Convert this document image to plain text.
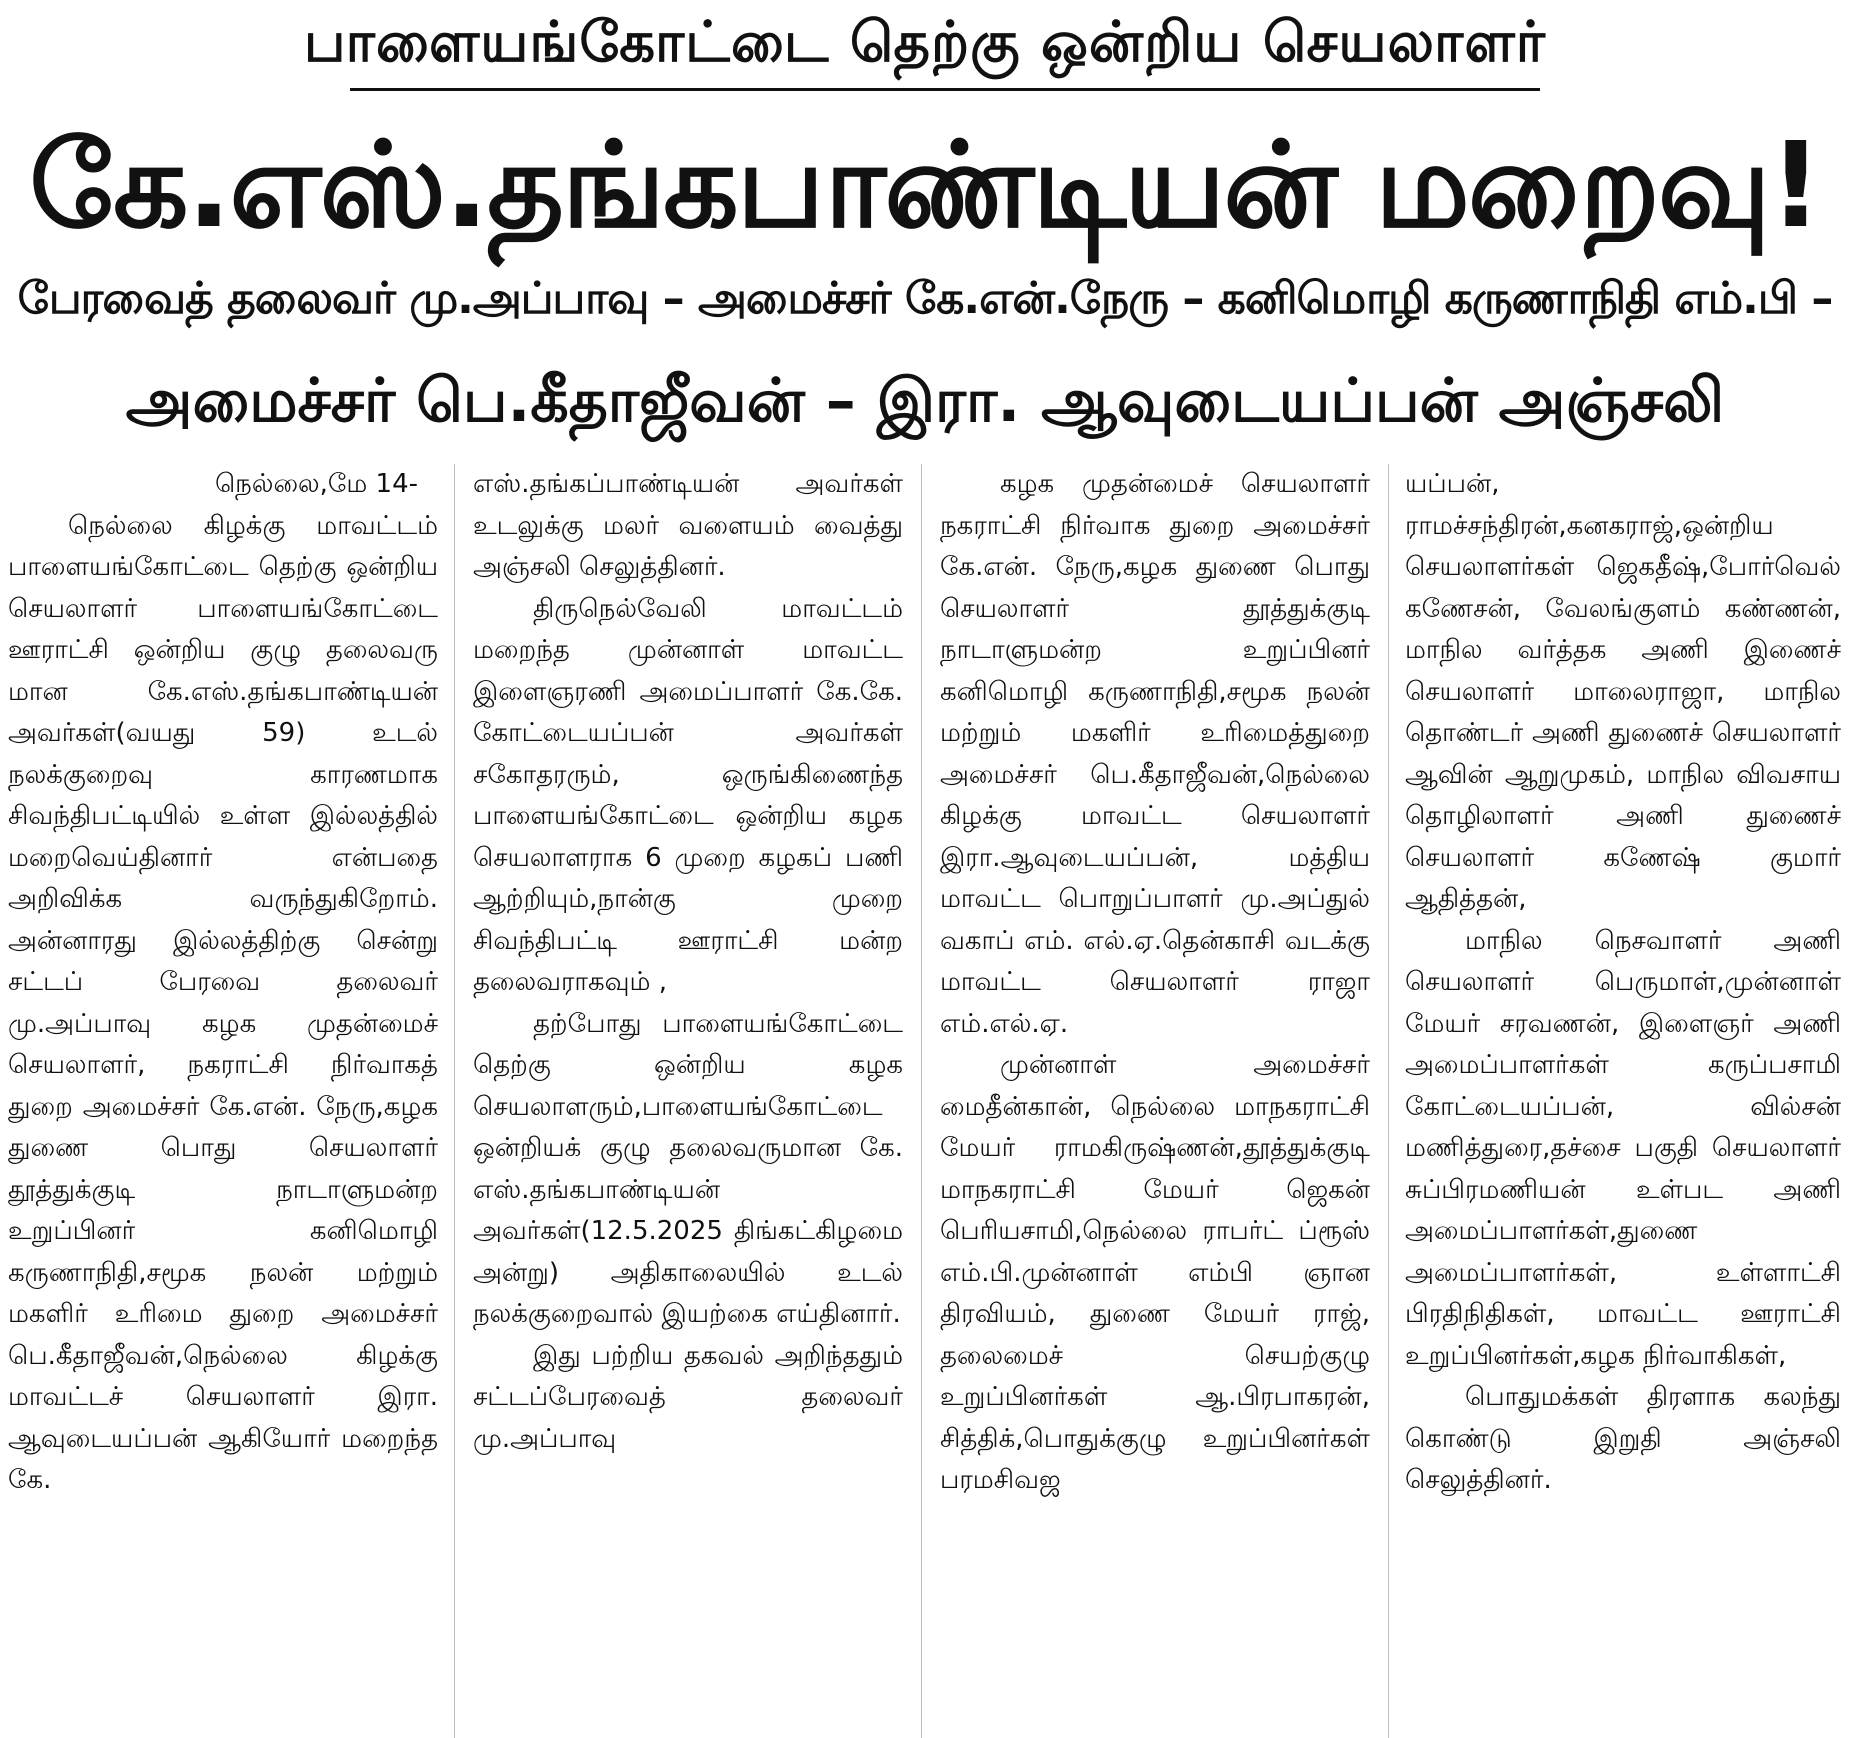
பாளையங்கோட்டை தெற்கு ஒன்றிய செயலாளர்
கே.எஸ்.தங்கபாண்டியன் மறைவு!
பேரவைத் தலைவர் மு.அப்பாவு – அமைச்சர் கே.என்.நேரு – கனிமொழி கருணாநிதி எம்.பி –
அமைச்சர் பெ.கீதாஜீவன் – இரா. ஆவுடையப்பன் அஞ்சலி

நெல்லை,மே 14-

நெல்லை கிழக்கு மாவட்டம் பாளையங்கோட்டை தெற்கு ஒன்றிய செயலாளர் பாளையங்கோட்டை ஊராட்சி ஒன்றிய குழு தலைவரு மான கே.எஸ்.தங்கபாண்டியன் அவர்கள்(வயது 59) உடல் நலக்குறைவு காரணமாக சிவந்திபட்டியில் உள்ள இல்லத்தில் மறைவெய்தினார் என்பதை அறிவிக்க வருந்துகிறோம். அன்னாரது இல்லத்திற்கு சென்று சட்டப் பேரவை தலைவர் மு.அப்பாவு கழக முதன்மைச் செயலாளர், நகராட்சி நிர்வாகத் துறை அமைச்சர் கே.என். நேரு,கழக துணை பொது செயலாளர் தூத்துக்குடி நாடாளுமன்ற உறுப்பினர் கனிமொழி கருணாநிதி,சமூக நலன் மற்றும் மகளிர் உரிமை துறை அமைச்சர் பெ.கீதாஜீவன்,நெல்லை கிழக்கு மாவட்டச் செயலாளர் இரா. ஆவுடையப்பன் ஆகியோர் மறைந்த கே.

எஸ்.தங்கப்பாண்டியன் அவர்கள் உடலுக்கு மலர் வளையம் வைத்து அஞ்சலி செலுத்தினர்.

திருநெல்வேலி மாவட்டம் மறைந்த முன்னாள் மாவட்ட இளைஞரணி அமைப்பாளர் கே.கே. கோட்டையப்பன் அவர்கள் சகோதரரும், ஒருங்கிணைந்த பாளையங்கோட்டை ஒன்றிய கழக செயலாளராக 6 முறை கழகப் பணி ஆற்றியும்,நான்கு முறை சிவந்திபட்டி ஊராட்சி மன்ற தலைவராகவும் ,

தற்போது பாளையங்கோட்டை தெற்கு ஒன்றிய கழக செயலாளரும்,பாளையங்கோட்டை ஒன்றியக் குழு தலைவருமான கே. எஸ்.தங்கபாண்டியன் அவர்கள்(12.5.2025 திங்கட்கிழமை அன்று) அதிகாலையில் உடல் நலக்குறைவால் இயற்கை எய்தினார்.

இது பற்றிய தகவல் அறிந்ததும் சட்டப்பேரவைத் தலைவர் மு.அப்பாவு

கழக முதன்மைச் செயலாளர் நகராட்சி நிர்வாக துறை அமைச்சர் கே.என். நேரு,கழக துணை பொது செயலாளர் தூத்துக்குடி நாடாளுமன்ற உறுப்பினர் கனிமொழி கருணாநிதி,சமூக நலன் மற்றும் மகளிர் உரிமைத்துறை அமைச்சர் பெ.கீதாஜீவன்,நெல்லை கிழக்கு மாவட்ட செயலாளர் இரா.ஆவுடையப்பன், மத்திய மாவட்ட பொறுப்பாளர் மு.அப்துல் வகாப் எம். எல்.ஏ.தென்காசி வடக்கு மாவட்ட செயலாளர் ராஜா எம்.எல்.ஏ.

முன்னாள் அமைச்சர் மைதீன்கான், நெல்லை மாநகராட்சி மேயர் ராமகிருஷ்ணன்,தூத்துக்குடி மாநகராட்சி மேயர் ஜெகன் பெரியசாமி,நெல்லை ராபர்ட் ப்ரூஸ் எம்.பி.முன்னாள் எம்பி ஞான திரவியம், துணை மேயர் ராஜ், தலைமைச் செயற்குழு உறுப்பினர்கள் ஆ.பிரபாகரன், சித்திக்,பொதுக்குழு உறுப்பினர்கள் பரமசிவஜ

யப்பன், ராமச்சந்திரன்,கனகராஜ்,ஒன்றிய செயலாளர்கள் ஜெகதீஷ்,போர்வெல் கணேசன், வேலங்குளம் கண்ணன், மாநில வர்த்தக அணி இணைச் செயலாளர் மாலைராஜா, மாநில தொண்டர் அணி துணைச் செயலாளர் ஆவின் ஆறுமுகம், மாநில விவசாய தொழிலாளர் அணி துணைச் செயலாளர் கணேஷ் குமார் ஆதித்தன்,

மாநில நெசவாளர் அணி செயலாளர் பெருமாள்,முன்னாள் மேயர் சரவணன், இளைஞர் அணி அமைப்பாளர்கள் கருப்பசாமி கோட்டையப்பன், வில்சன் மணித்துரை,தச்சை பகுதி செயலாளர் சுப்பிரமணியன் உள்பட அணி அமைப்பாளர்கள்,துணை அமைப்பாளர்கள், உள்ளாட்சி பிரதிநிதிகள், மாவட்ட ஊராட்சி உறுப்பினர்கள்,கழக நிர்வாகிகள்,

பொதுமக்கள் திரளாக கலந்து கொண்டு இறுதி அஞ்சலி செலுத்தினர்.
